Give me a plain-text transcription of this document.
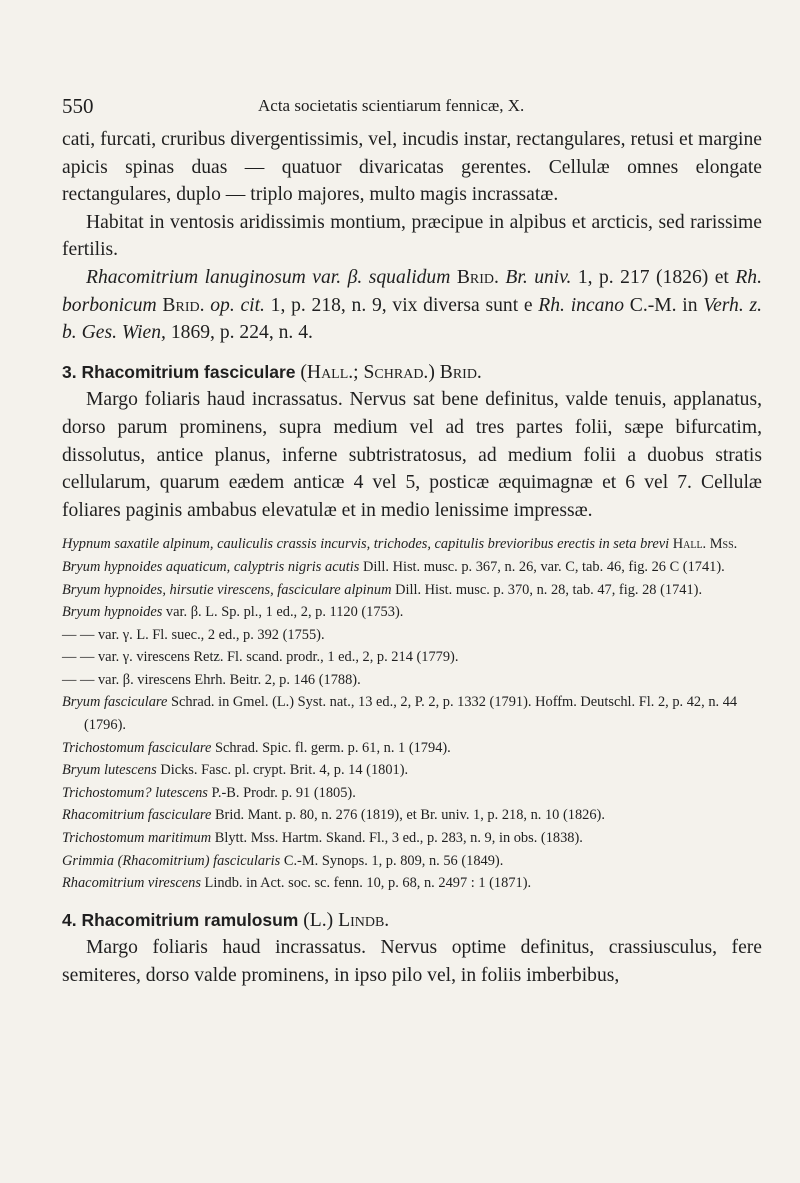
550	Acta societatis scientiarum fennicæ, X.

cati, furcati, cruribus divergentissimis, vel, incudis instar, rectangulares, retusi et margine apicis spinas duas — quatuor divaricatas gerentes. Cellulæ omnes elongate rectangulares, duplo — triplo majores, multo magis incrassatæ.

Habitat in ventosis aridissimis montium, præcipue in alpibus et arcticis, sed rarissime fertilis.

Rhacomitrium lanuginosum var. β. squalidum Brid. Br. univ. 1, p. 217 (1826) et Rh. borbonicum Brid. op. cit. 1, p. 218, n. 9, vix diversa sunt e Rh. incano C.-M. in Verh. z. b. Ges. Wien, 1869, p. 224, n. 4.

3. Rhacomitrium fasciculare (Hall.; Schrad.) Brid.

Margo foliaris haud incrassatus. Nervus sat bene definitus, valde tenuis, applanatus, dorso parum prominens, supra medium vel ad tres partes folii, sæpe bifurcatim, dissolutus, antice planus, inferne subtristratosus, ad medium folii a duobus stratis cellularum, quarum eædem anticæ 4 vel 5, posticæ æquimagnæ et 6 vel 7. Cellulæ foliares paginis ambabus elevatulæ et in medio lenissime impressæ.

Hypnum saxatile alpinum, cauliculis crassis incurvis, trichodes, capitulis brevioribus erectis in seta brevi Hall. Mss.

Bryum hypnoides aquaticum, calyptris nigris acutis Dill. Hist. musc. p. 367, n. 26, var. C, tab. 46, fig. 26 C (1741).

Bryum hypnoides, hirsutie virescens, fasciculare alpinum Dill. Hist. musc. p. 370, n. 28, tab. 47, fig. 28 (1741).

Bryum hypnoides var. β. L. Sp. pl., 1 ed., 2, p. 1120 (1753).

— — var. γ. L. Fl. suec., 2 ed., p. 392 (1755).

— — var. γ. virescens Retz. Fl. scand. prodr., 1 ed., 2, p. 214 (1779).

— — var. β. virescens Ehrh. Beitr. 2, p. 146 (1788).

Bryum fasciculare Schrad. in Gmel. (L.) Syst. nat., 13 ed., 2, P. 2, p. 1332 (1791). Hoffm. Deutschl. Fl. 2, p. 42, n. 44 (1796).

Trichostomum fasciculare Schrad. Spic. fl. germ. p. 61, n. 1 (1794).

Bryum lutescens Dicks. Fasc. pl. crypt. Brit. 4, p. 14 (1801).

Trichostomum? lutescens P.-B. Prodr. p. 91 (1805).

Rhacomitrium fasciculare Brid. Mant. p. 80, n. 276 (1819), et Br. univ. 1, p. 218, n. 10 (1826).

Trichostomum maritimum Blytt. Mss. Hartm. Skand. Fl., 3 ed., p. 283, n. 9, in obs. (1838).

Grimmia (Rhacomitrium) fascicularis C.-M. Synops. 1, p. 809, n. 56 (1849).

Rhacomitrium virescens Lindb. in Act. soc. sc. fenn. 10, p. 68, n. 2497 : 1 (1871).

4. Rhacomitrium ramulosum (L.) Lindb.

Margo foliaris haud incrassatus. Nervus optime definitus, crassiusculus, fere semiteres, dorso valde prominens, in ipso pilo vel, in foliis imberbibus,
